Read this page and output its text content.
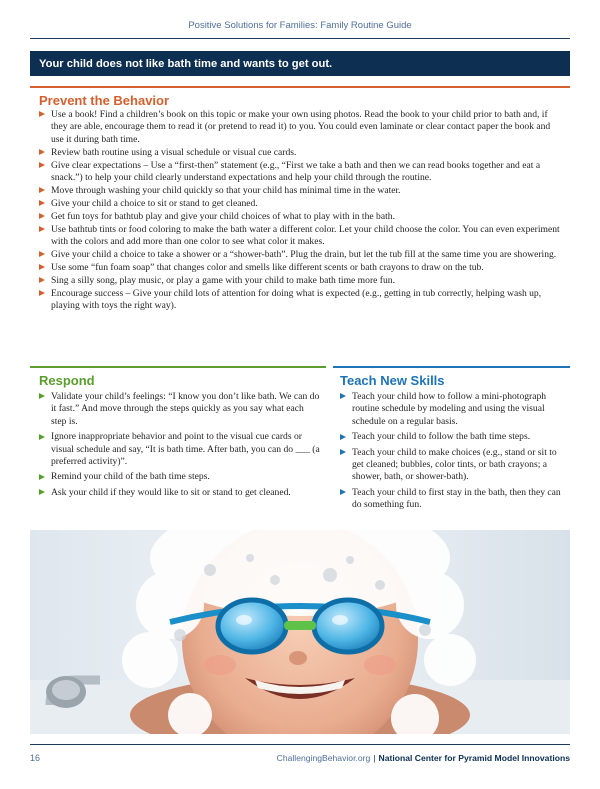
Positive Solutions for Families: Family Routine Guide
Your child does not like bath time and wants to get out.
Prevent the Behavior
Use a book! Find a children’s book on this topic or make your own using photos. Read the book to your child prior to bath and, if they are able, encourage them to read it (or pretend to read it) to you. You could even laminate or clear contact paper the book and use it during bath time.
Review bath routine using a visual schedule or visual cue cards.
Give clear expectations – Use a “first-then” statement (e.g., “First we take a bath and then we can read books together and eat a snack.”) to help your child clearly understand expectations and help your child through the routine.
Move through washing your child quickly so that your child has minimal time in the water.
Give your child a choice to sit or stand to get cleaned.
Get fun toys for bathtub play and give your child choices of what to play with in the bath.
Use bathtub tints or food coloring to make the bath water a different color. Let your child choose the color. You can even experiment with the colors and add more than one color to see what color it makes.
Give your child a choice to take a shower or a “shower-bath”. Plug the drain, but let the tub fill at the same time you are showering.
Use some “fun foam soap” that changes color and smells like different scents or bath crayons to draw on the tub.
Sing a silly song, play music, or play a game with your child to make bath time more fun.
Encourage success – Give your child lots of attention for doing what is expected (e.g., getting in tub correctly, helping wash up, playing with toys the right way).
Respond
Validate your child’s feelings: “I know you don’t like bath. We can do it fast.” And move through the steps quickly as you say what each step is.
Ignore inappropriate behavior and point to the visual cue cards or visual schedule and say, “It is bath time. After bath, you can do ___ (a preferred activity)”.
Remind your child of the bath time steps.
Ask your child if they would like to sit or stand to get cleaned.
Teach New Skills
Teach your child how to follow a mini-photograph routine schedule by modeling and using the visual schedule on a regular basis.
Teach your child to follow the bath time steps.
Teach your child to make choices (e.g., stand or sit to get cleaned; bubbles, color tints, or bath crayons; a shower, bath, or shower-bath).
Teach your child to first stay in the bath, then they can do something fun.
16	ChallengingBehavior.org | National Center for Pyramid Model Innovations
